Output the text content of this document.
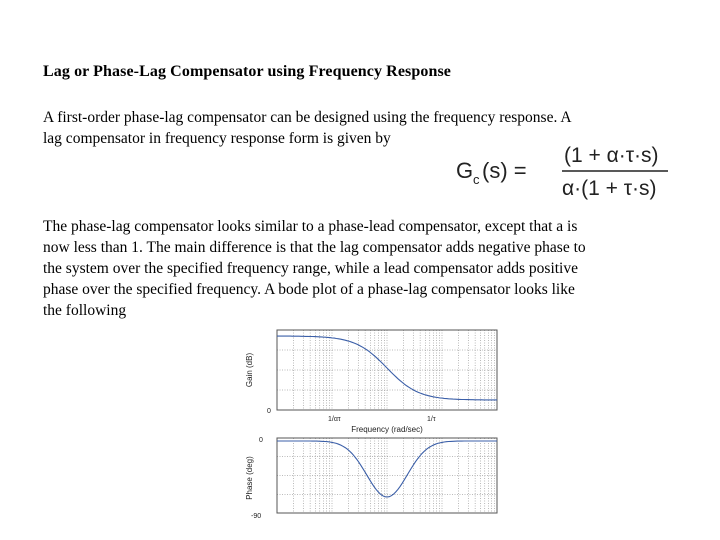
Lag or Phase-Lag Compensator using Frequency Response
A first-order phase-lag compensator can be designed using the frequency response. A
lag compensator in frequency response form is given by
G c (s) =
(1 + α·τ·s)
α·(1 + τ·s)
The phase-lag compensator looks similar to a phase-lead compensator, except that a is
now less than 1. The main difference is that the lag compensator adds negative phase to
the system over the specified frequency range, while a lead compensator adds positive
phase over the specified frequency. A bode plot of a phase-lag compensator looks like
the following
Gain (dB)
0
1/ατ	1/τ
Frequency (rad/sec)
Phase (deg)
0
-90
